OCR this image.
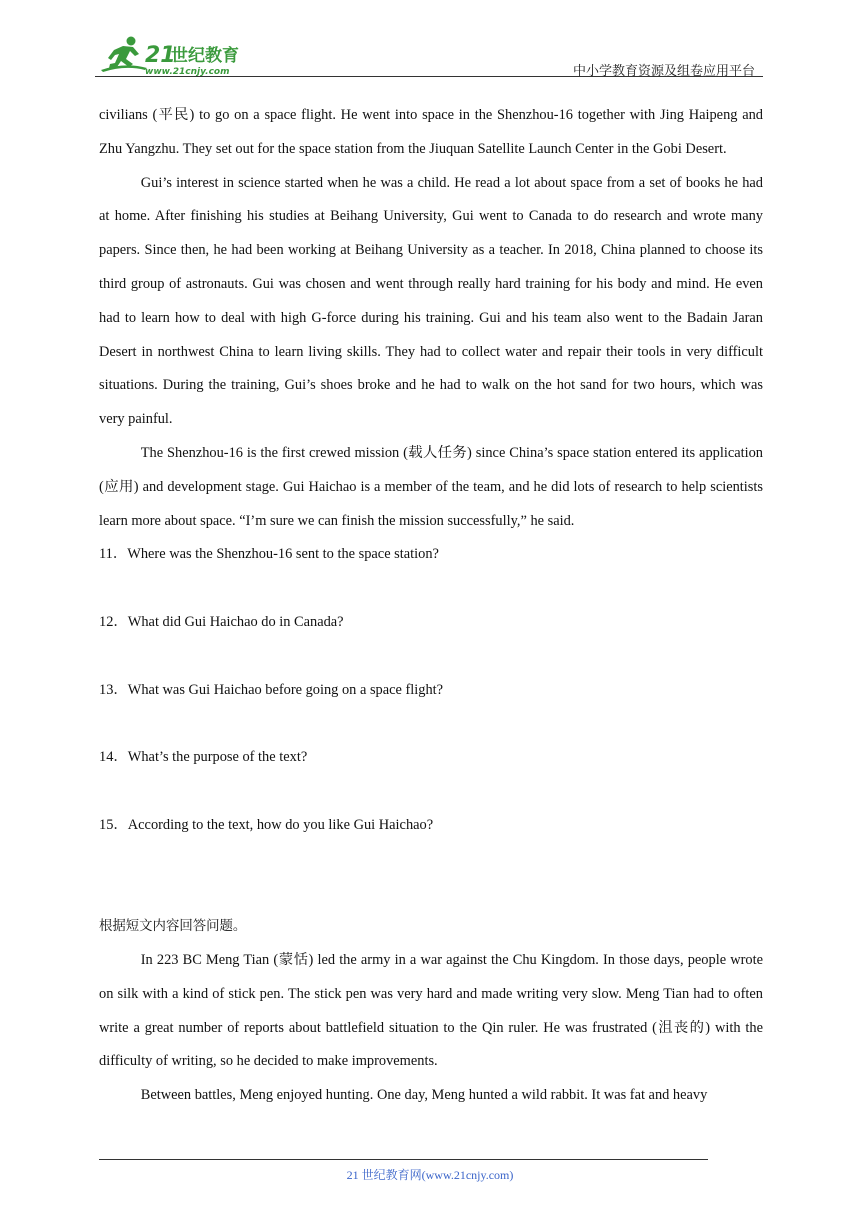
21
世纪教育
www.21cnjy.com	中小学教育资源及组卷应用平台

civilians (平民) to go on a space flight. He went into space in the Shenzhou-16 together with Jing Haipeng and Zhu Yangzhu. They set out for the space station from the Jiuquan Satellite Launch Center in the Gobi Desert.

Gui’s interest in science started when he was a child. He read a lot about space from a set of books he had at home. After finishing his studies at Beihang University, Gui went to Canada to do research and wrote many papers. Since then, he had been working at Beihang University as a teacher. In 2018, China planned to choose its third group of astronauts. Gui was chosen and went through really hard training for his body and mind. He even had to learn how to deal with high G-force during his training. Gui and his team also went to the Badain Jaran Desert in northwest China to learn living skills. They had to collect water and repair their tools in very difficult situations. During the training, Gui’s shoes broke and he had to walk on the hot sand for two hours, which was very painful.

The Shenzhou-16 is the first crewed mission (载人任务) since China’s space station entered its application (应用) and development stage. Gui Haichao is a member of the team, and he did lots of research to help scientists learn more about space. “I’m sure we can finish the mission successfully,” he said.

11．Where was the Shenzhou-16 sent to the space station?

12．What did Gui Haichao do in Canada?

13．What was Gui Haichao before going on a space flight?

14．What’s the purpose of the text?

15．According to the text, how do you like Gui Haichao?

根据短文内容回答问题。

In 223 BC Meng Tian (蒙恬) led the army in a war against the Chu Kingdom. In those days, people wrote on silk with a kind of stick pen. The stick pen was very hard and made writing very slow. Meng Tian had to often write a great number of reports about battlefield situation to the Qin ruler. He was frustrated (沮丧的) with the difficulty of writing, so he decided to make improvements.

Between battles, Meng enjoyed hunting. One day, Meng hunted a wild rabbit. It was fat and heavy

21 世纪教育网(www.21cnjy.com)
